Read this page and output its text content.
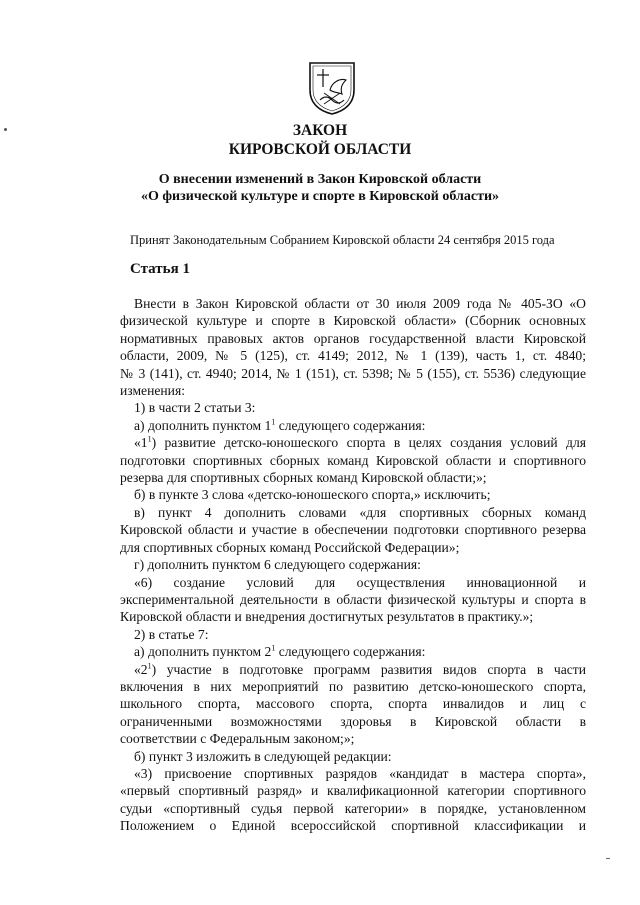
ЗАКОН
КИРОВСКОЙ ОБЛАСТИ
О внесении изменений в Закон Кировской области
«О физической культуре и спорте в Кировской области»
Принят Законодательным Собранием Кировской области 24 сентября 2015 года
Статья 1

Внести в Закон Кировской области от 30 июля 2009 года № 405-ЗО «О

физической культуре и спорте в Кировской области» (Сборник основных

нормативных правовых актов органов государственной власти Кировской

области, 2009, № 5 (125), ст. 4149; 2012, № 1 (139), часть 1, ст. 4840;

№ 3 (141), ст. 4940; 2014, № 1 (151), ст. 5398; № 5 (155), ст. 5536) следующие

изменения:

1) в части 2 статьи 3:

а) дополнить пунктом $1^1$ следующего содержания:

«$1^1$) развитие детско-юношеского спорта в целях создания условий для

подготовки спортивных сборных команд Кировской области и спортивного

резерва для спортивных сборных команд Кировской области;»;

б) в пункте 3 слова «детско-юношеского спорта,» исключить;

в) пункт 4 дополнить словами «для спортивных сборных команд

Кировской области и участие в обеспечении подготовки спортивного резерва

для спортивных сборных команд Российской Федерации»;

г) дополнить пунктом 6 следующего содержания:

«6) создание условий для осуществления инновационной и

экспериментальной деятельности в области физической культуры и спорта в

Кировской области и внедрения достигнутых результатов в практику.»;

2) в статье 7:

а) дополнить пунктом $2^1$ следующего содержания:

«$2^1$) участие в подготовке программ развития видов спорта в части

включения в них мероприятий по развитию детско-юношеского спорта,

школьного спорта, массового спорта, спорта инвалидов и лиц с

ограниченными возможностями здоровья в Кировской области в

соответствии с Федеральным законом;»;

б) пункт 3 изложить в следующей редакции:

«3) присвоение спортивных разрядов «кандидат в мастера спорта»,

«первый спортивный разряд» и квалификационной категории спортивного

судьи «спортивный судья первой категории» в порядке, установленном

Положением о Единой всероссийской спортивной классификации и
